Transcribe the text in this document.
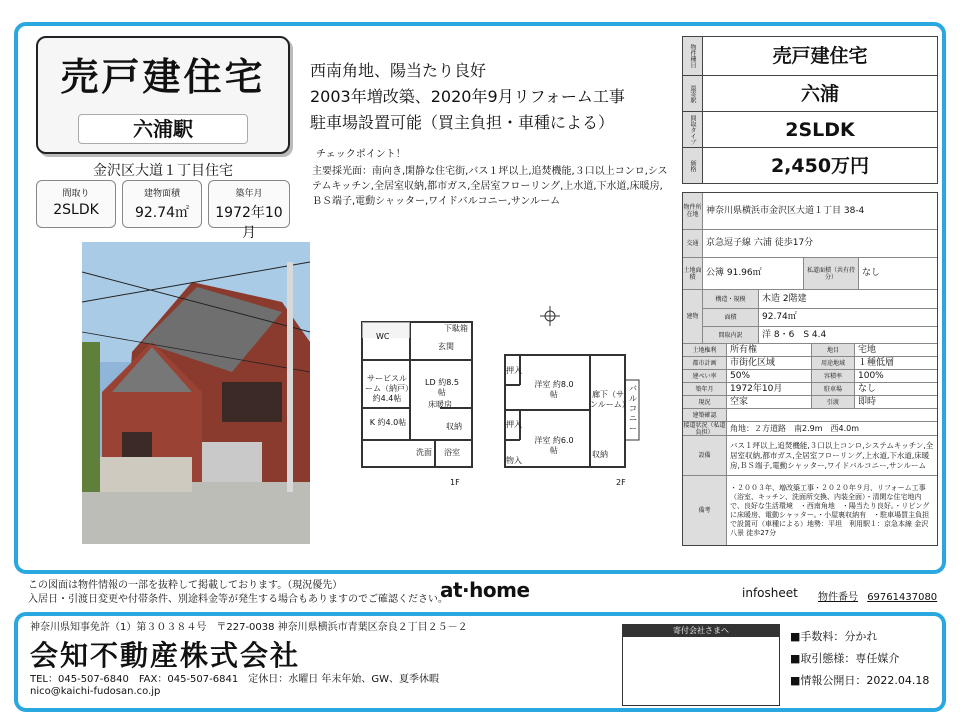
売戸建住宅
六浦駅
金沢区大道１丁目住宅
間取り
2SLDK
建物面積
92.74㎡
築年月
1972年10月
西南角地、陽当たり良好
2003年増改築、2020年9月リフォーム工事
駐車場設置可能（買主負担・車種による）
チェックポイント！
主要採光面：南向き,閑静な住宅街,バス１坪以上,追焚機能,３口以上コンロ,システムキッチン,全居室収納,都市ガス,全居室フローリング,上水道,下水道,床暖房,ＢＳ端子,電動シャッター,ワイドバルコニー,サンルーム
WC
下駄箱
玄関
サービスルーム（納戸）約4.4帖
LD 約8.5帖
床暖房
K 約4.0帖	収納
洗面 浴室
押入
洋室 約8.0帖	廊下（サンルーム）
バルコニー
押入
洋室 約6.0帖
物入
収納
1F	2F
物件種目	売戸建住宅
最寄駅	六浦
間取タイプ	2SLDK
価格	2,450万円
物件所在地 神奈川県横浜市金沢区大道１丁目 38-4
交通 京急逗子線 六浦 徒歩17分
土地面積	公簿 91.96㎡	私道面積（共有持分）	なし
建物
構造・規模	木造 2階建
面積	92.74㎡
間取内訳	洋 8・6　S 4.4
土地権利	所有権	地目	宅地
都市計画	市街化区域	用途地域	１種低層
建ぺい率	50%	容積率	100%
築年月	1972年10月	駐車場	なし
現況	空家	引渡	即時
建築確認
接道状況（私道負担）	角地：２方道路　南2.9m　西4.0m
設備
バス１坪以上,追焚機能,３口以上コンロ,システムキッチン,全居室収納,都市ガス,全居室フローリング,上水道,下水道,床暖房,ＢＳ端子,電動シャッター,ワイドバルコニー,サンルーム
備考
・２００３年、増改築工事・２０２０年９月、リフォーム工事（浴室、キッチン、洗面所交換、内装全面）・清閑な住宅地内で、良好な生活環境　・西南角地　・陽当たり良好。・リビングに床暖房、電動シャッター。・小屋裏収納有　・駐車場買主負担で設置可（車種による）地勢：平坦　利用駅１：京急本線 金沢八景 徒歩27分
この図面は物件情報の一部を抜粋して掲載しております。（現況優先）
入居日・引渡日変更や付帯条件、別途料金等が発生する場合もありますのでご確認ください。
at·home	infosheet 物件番号 69761437080
神奈川県知事免許（1）第３０３８４号　〒227-0038 神奈川県横浜市青葉区奈良２丁目２５－２
会知不動産株式会社
TEL：045-507-6840　FAX：045-507-6841　定休日：水曜日 年末年始、GW、夏季休暇
nico@kaichi-fudosan.co.jp
寄付会社さまへ	■手数料：分かれ
■取引態様：専任媒介
■情報公開日：2022.04.18
